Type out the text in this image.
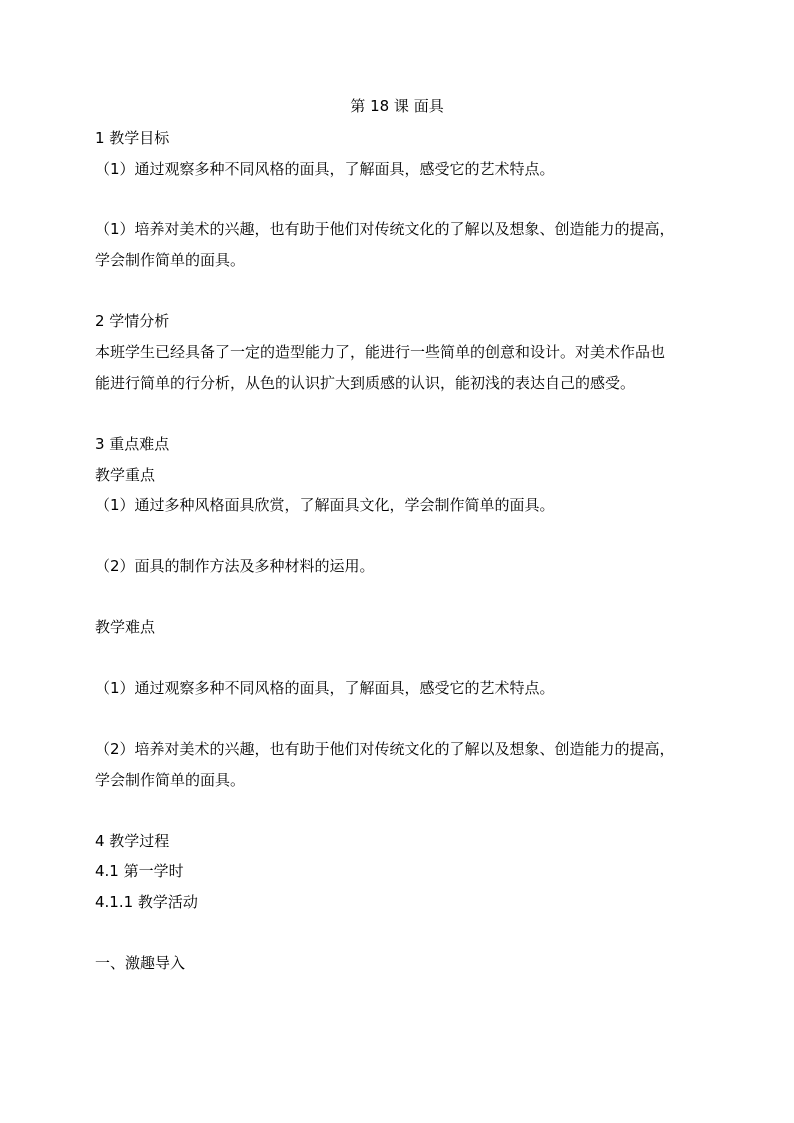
第 18 课 面具
1 教学目标
（1）通过观察多种不同风格的面具，了解面具，感受它的艺术特点。
（1）培养对美术的兴趣，也有助于他们对传统文化的了解以及想象、创造能力的提高，
学会制作简单的面具。
2 学情分析
本班学生已经具备了一定的造型能力了，能进行一些简单的创意和设计。对美术作品也
能进行简单的行分析，从色的认识扩大到质感的认识，能初浅的表达自己的感受。
3 重点难点
教学重点
（1）通过多种风格面具欣赏，了解面具文化，学会制作简单的面具。
（2）面具的制作方法及多种材料的运用。
教学难点
（1）通过观察多种不同风格的面具，了解面具，感受它的艺术特点。
（2）培养对美术的兴趣，也有助于他们对传统文化的了解以及想象、创造能力的提高，
学会制作简单的面具。
4 教学过程
4.1 第一学时
4.1.1 教学活动
一、激趣导入
